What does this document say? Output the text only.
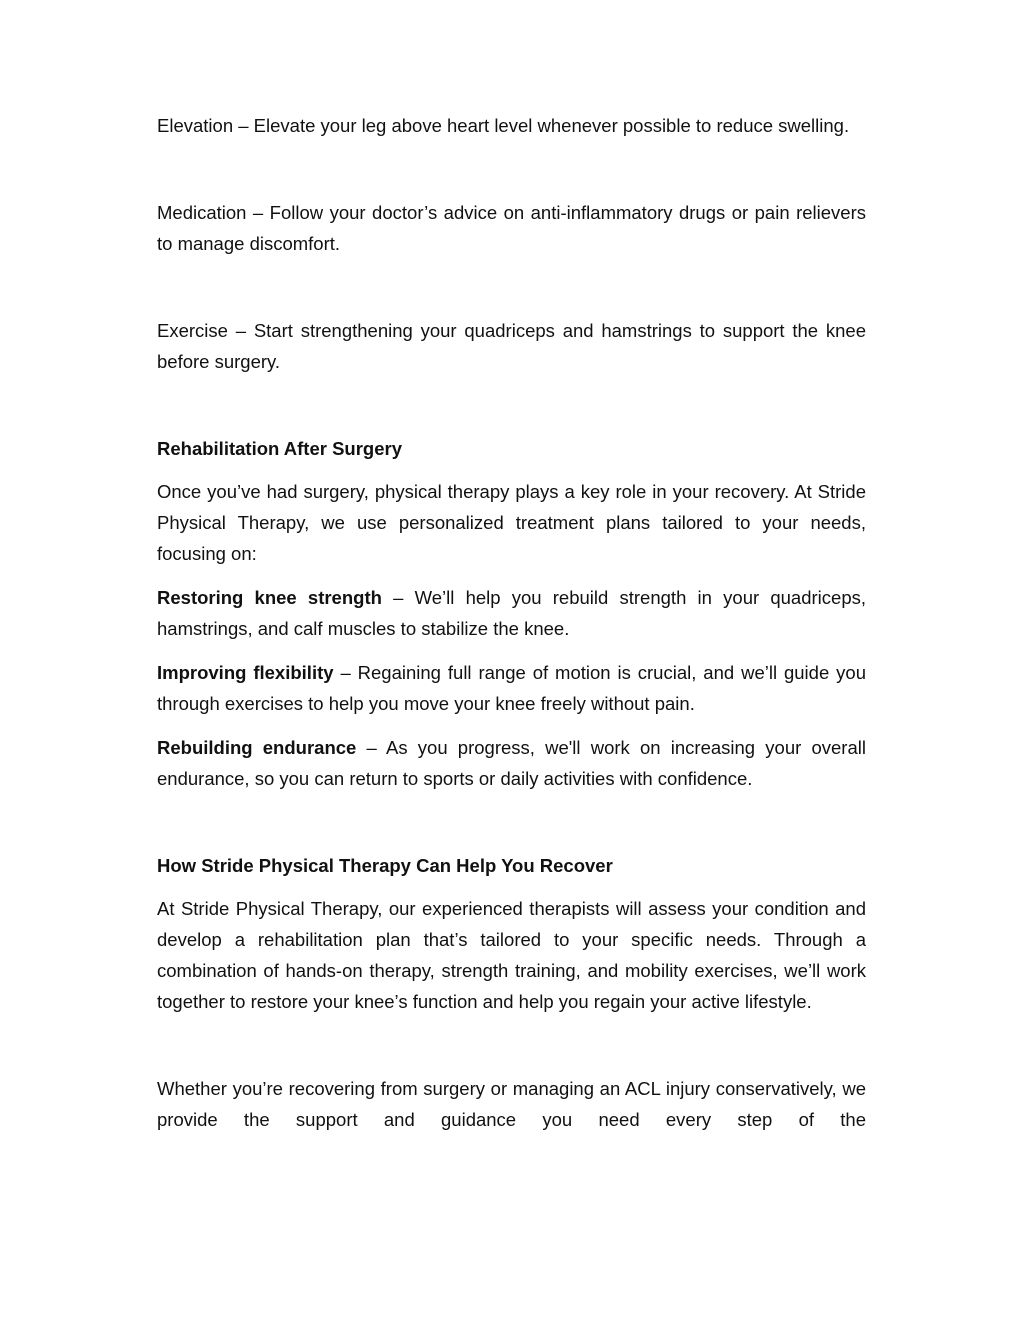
Elevation – Elevate your leg above heart level whenever possible to reduce swelling.

Medication – Follow your doctor’s advice on anti-inflammatory drugs or pain relievers to manage discomfort.

Exercise – Start strengthening your quadriceps and hamstrings to support the knee before surgery.

Rehabilitation After Surgery

Once you’ve had surgery, physical therapy plays a key role in your recovery. At Stride Physical Therapy, we use personalized treatment plans tailored to your needs, focusing on:

Restoring knee strength – We’ll help you rebuild strength in your quadriceps, hamstrings, and calf muscles to stabilize the knee.

Improving flexibility – Regaining full range of motion is crucial, and we’ll guide you through exercises to help you move your knee freely without pain.

Rebuilding endurance – As you progress, we'll work on increasing your overall endurance, so you can return to sports or daily activities with confidence.

How Stride Physical Therapy Can Help You Recover

At Stride Physical Therapy, our experienced therapists will assess your condition and develop a rehabilitation plan that’s tailored to your specific needs. Through a combination of hands-on therapy, strength training, and mobility exercises, we’ll work together to restore your knee’s function and help you regain your active lifestyle.

Whether you’re recovering from surgery or managing an ACL injury conservatively, we provide the support and guidance you need every step of the
